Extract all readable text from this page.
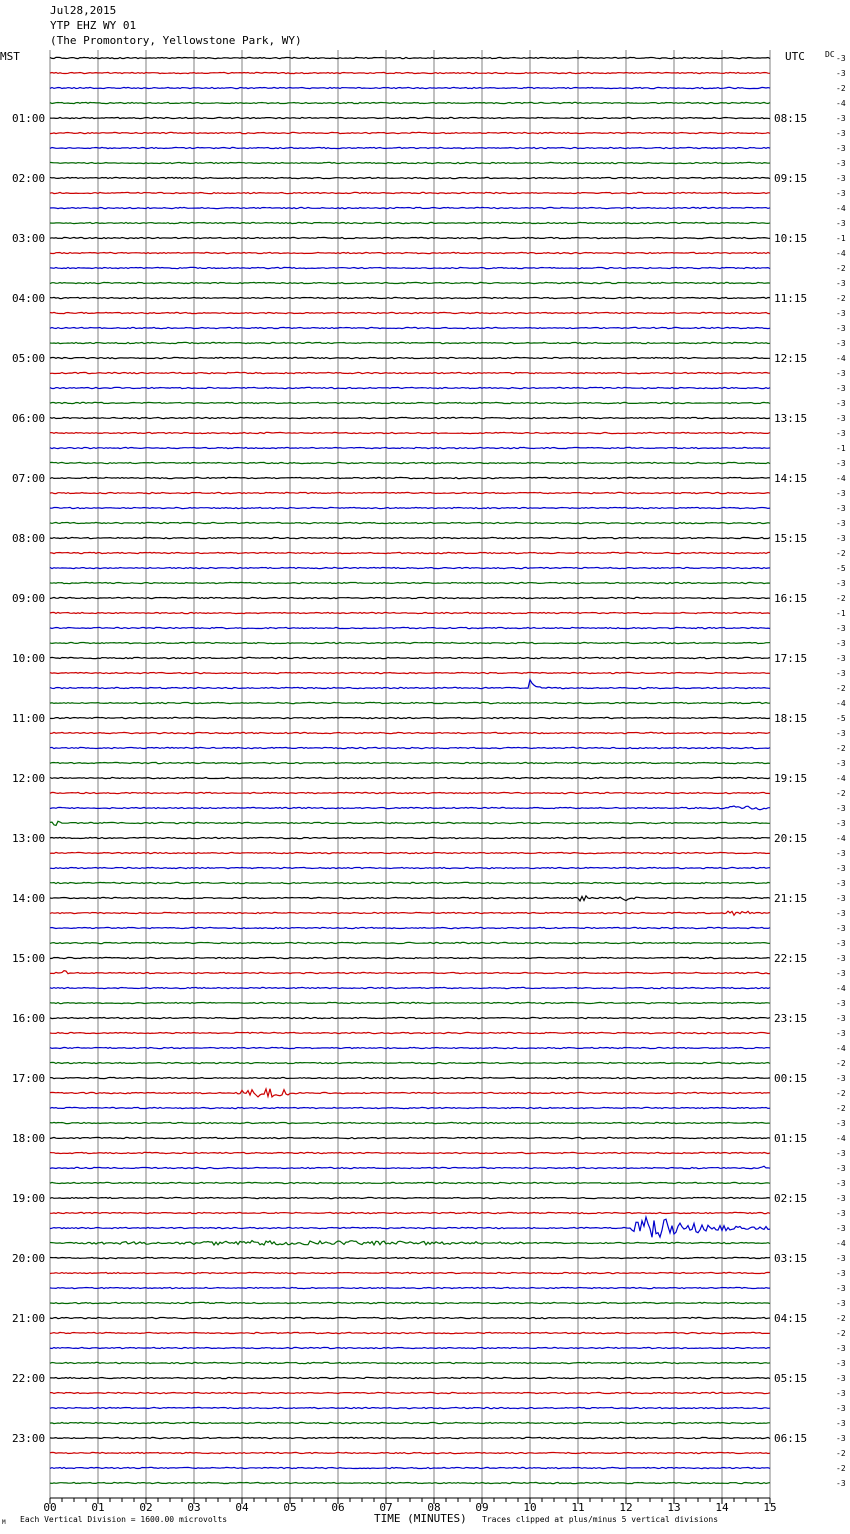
Jul28,2015
YTP EHZ WY 01
(The Promontory, Yellowstone Park, WY)
MST	UTC	-3
-3
-2
-4
-3
-3
-3
-3
-3
-3
-4
-3
-1
-4
-2
-3
-2
-3
-3
-3
-4
-3
-3
-3
-3
-3
-1
-3
-4
-3
-3
-3
-3
-2
-5
-3
-2
-1
-3
-3
-3
-3
-2
-4
-5
-3
-2
-3
-4
-2
-3
-3
-4
-3
-3
-3
-3
-3
-3
-3
-3
-3
-4
-3
-3
-3
-4
-2
-3
-2
-2
-3
-4
-3
-3
-3
-3
-3
-3
-4
-3
-3
-3
-3
-2
-2
-3
-3
-3
-3
-3
-3
-3
-2
-2
-3
DC
01:00
02:00
03:00
04:00
05:00
06:00
07:00
08:00
09:00
10:00
11:00
12:00
13:00
14:00
15:00
16:00
17:00
18:00
19:00
20:00
21:00
22:00
23:00
08:15
09:15
10:15
11:15
12:15
13:15
14:15
15:15
16:15
17:15
18:15
19:15
20:15
21:15
22:15
23:15
00:15
01:15
02:15
03:15
04:15
05:15
06:15
00	01	02	03	04	05	06	07	08	09	10	11	12	13	14	15
M Each Vertical Division = 1600.00 microvolts	TIME (MINUTES) Traces clipped at plus/minus 5 vertical divisions
